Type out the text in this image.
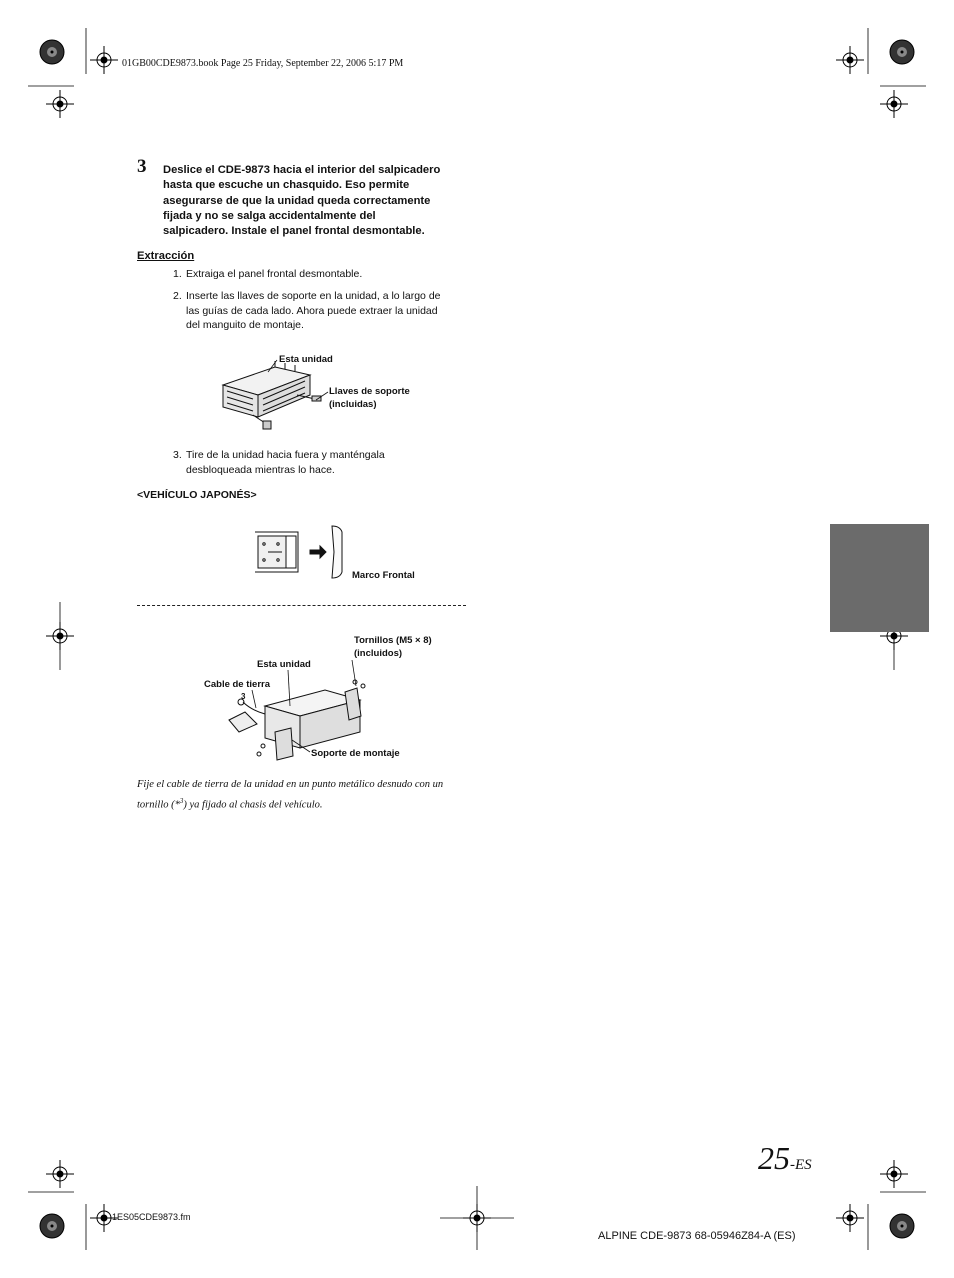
01GB00CDE9873.book Page 25 Friday, September 22, 2006 5:17 PM
3 Deslice el CDE-9873 hacia el interior del salpicadero
hasta que escuche un chasquido. Eso permite
asegurarse de que la unidad queda correctamente
fijada y no se salga accidentalmente del
salpicadero. Instale el panel frontal desmontable.
Extracción
1. Extraiga el panel frontal desmontable.
2. Inserte las llaves de soporte en la unidad, a lo largo de
las guías de cada lado. Ahora puede extraer la unidad
del manguito de montaje.
Esta unidad
Llaves de soporte
(incluidas)
3. Tire de la unidad hacia fuera y manténgala
desbloqueada mientras lo hace.
<VEHÍCULO JAPONÉS>
Marco Frontal
Tornillos (M5 × 8)
(incluidos)
Esta unidad
Cable de tierra
3
Soporte de montaje
Fije el cable de tierra de la unidad en un punto metálico desnudo con un
tornillo (*$^3$) ya fijado al chasis del vehículo.
25-ES
1ES05CDE9873.fm
ALPINE CDE-9873 68-05946Z84-A (ES)
